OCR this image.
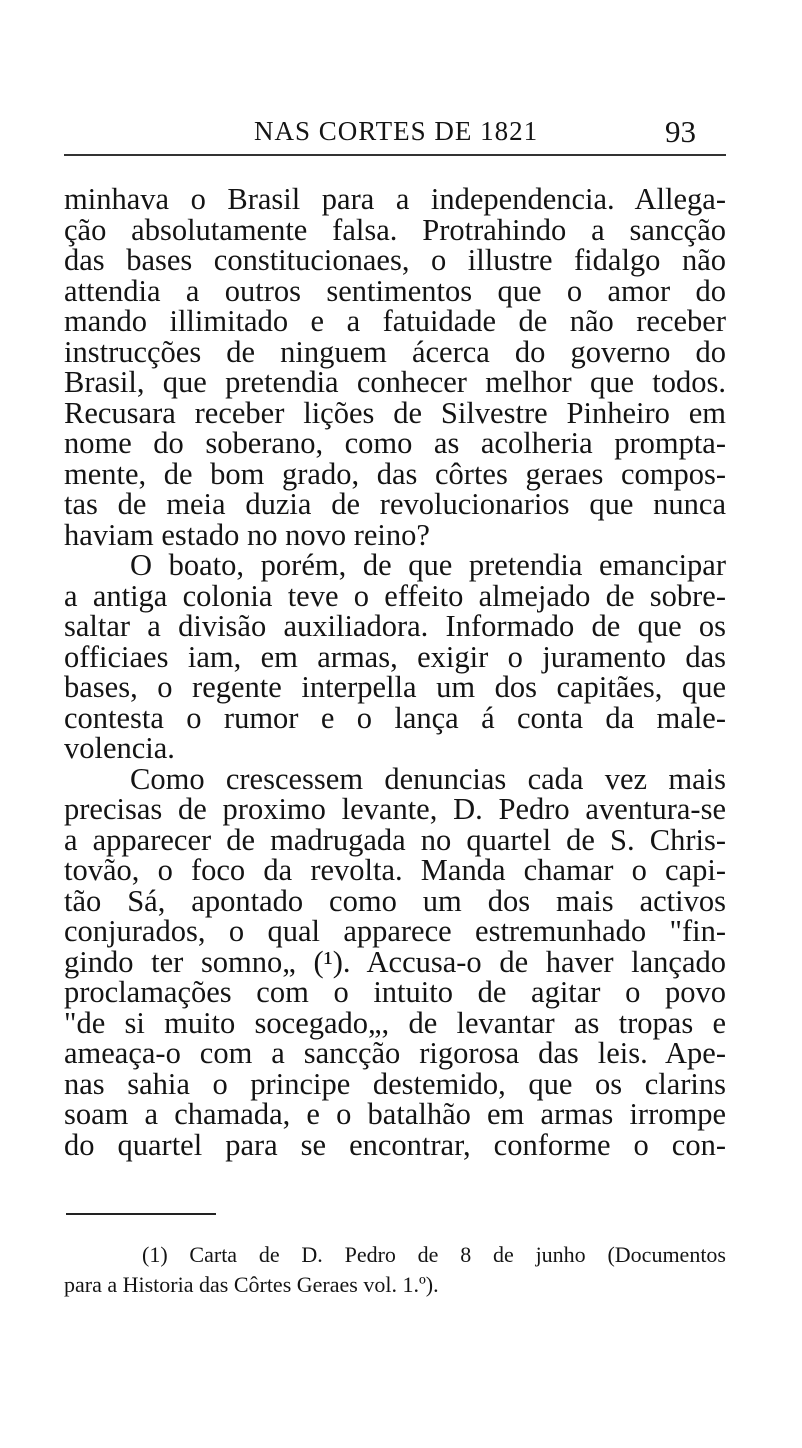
NAS CORTES DE 1821	93
minhava o Brasil para a independencia. Allega-
ção absolutamente falsa. Protrahindo a sancção
das bases constitucionaes, o illustre fidalgo não
attendia a outros sentimentos que o amor do
mando illimitado e a fatuidade de não receber
instrucções de ninguem ácerca do governo do
Brasil, que pretendia conhecer melhor que todos.
Recusara receber lições de Silvestre Pinheiro em
nome do soberano, como as acolheria prompta-
mente, de bom grado, das côrtes geraes compos-
tas de meia duzia de revolucionarios que nunca
haviam estado no novo reino?
O boato, porém, de que pretendia emancipar
a antiga colonia teve o effeito almejado de sobre-
saltar a divisão auxiliadora. Informado de que os
officiaes iam, em armas, exigir o juramento das
bases, o regente interpella um dos capitães, que
contesta o rumor e o lança á conta da male-
volencia.
Como crescessem denuncias cada vez mais
precisas de proximo levante, D. Pedro aventura-se
a apparecer de madrugada no quartel de S. Chris-
tovão, o foco da revolta. Manda chamar o capi-
tão Sá, apontado como um dos mais activos
conjurados, o qual apparece estremunhado "fin-
gindo ter somno„ (¹). Accusa-o de haver lançado
proclamações com o intuito de agitar o povo
"de si muito socegado„, de levantar as tropas e
ameaça-o com a sancção rigorosa das leis. Ape-
nas sahia o principe destemido, que os clarins
soam a chamada, e o batalhão em armas irrompe
do quartel para se encontrar, conforme o con-
(1) Carta de D. Pedro de 8 de junho (Documentos
para a Historia das Côrtes Geraes vol. 1.º).
